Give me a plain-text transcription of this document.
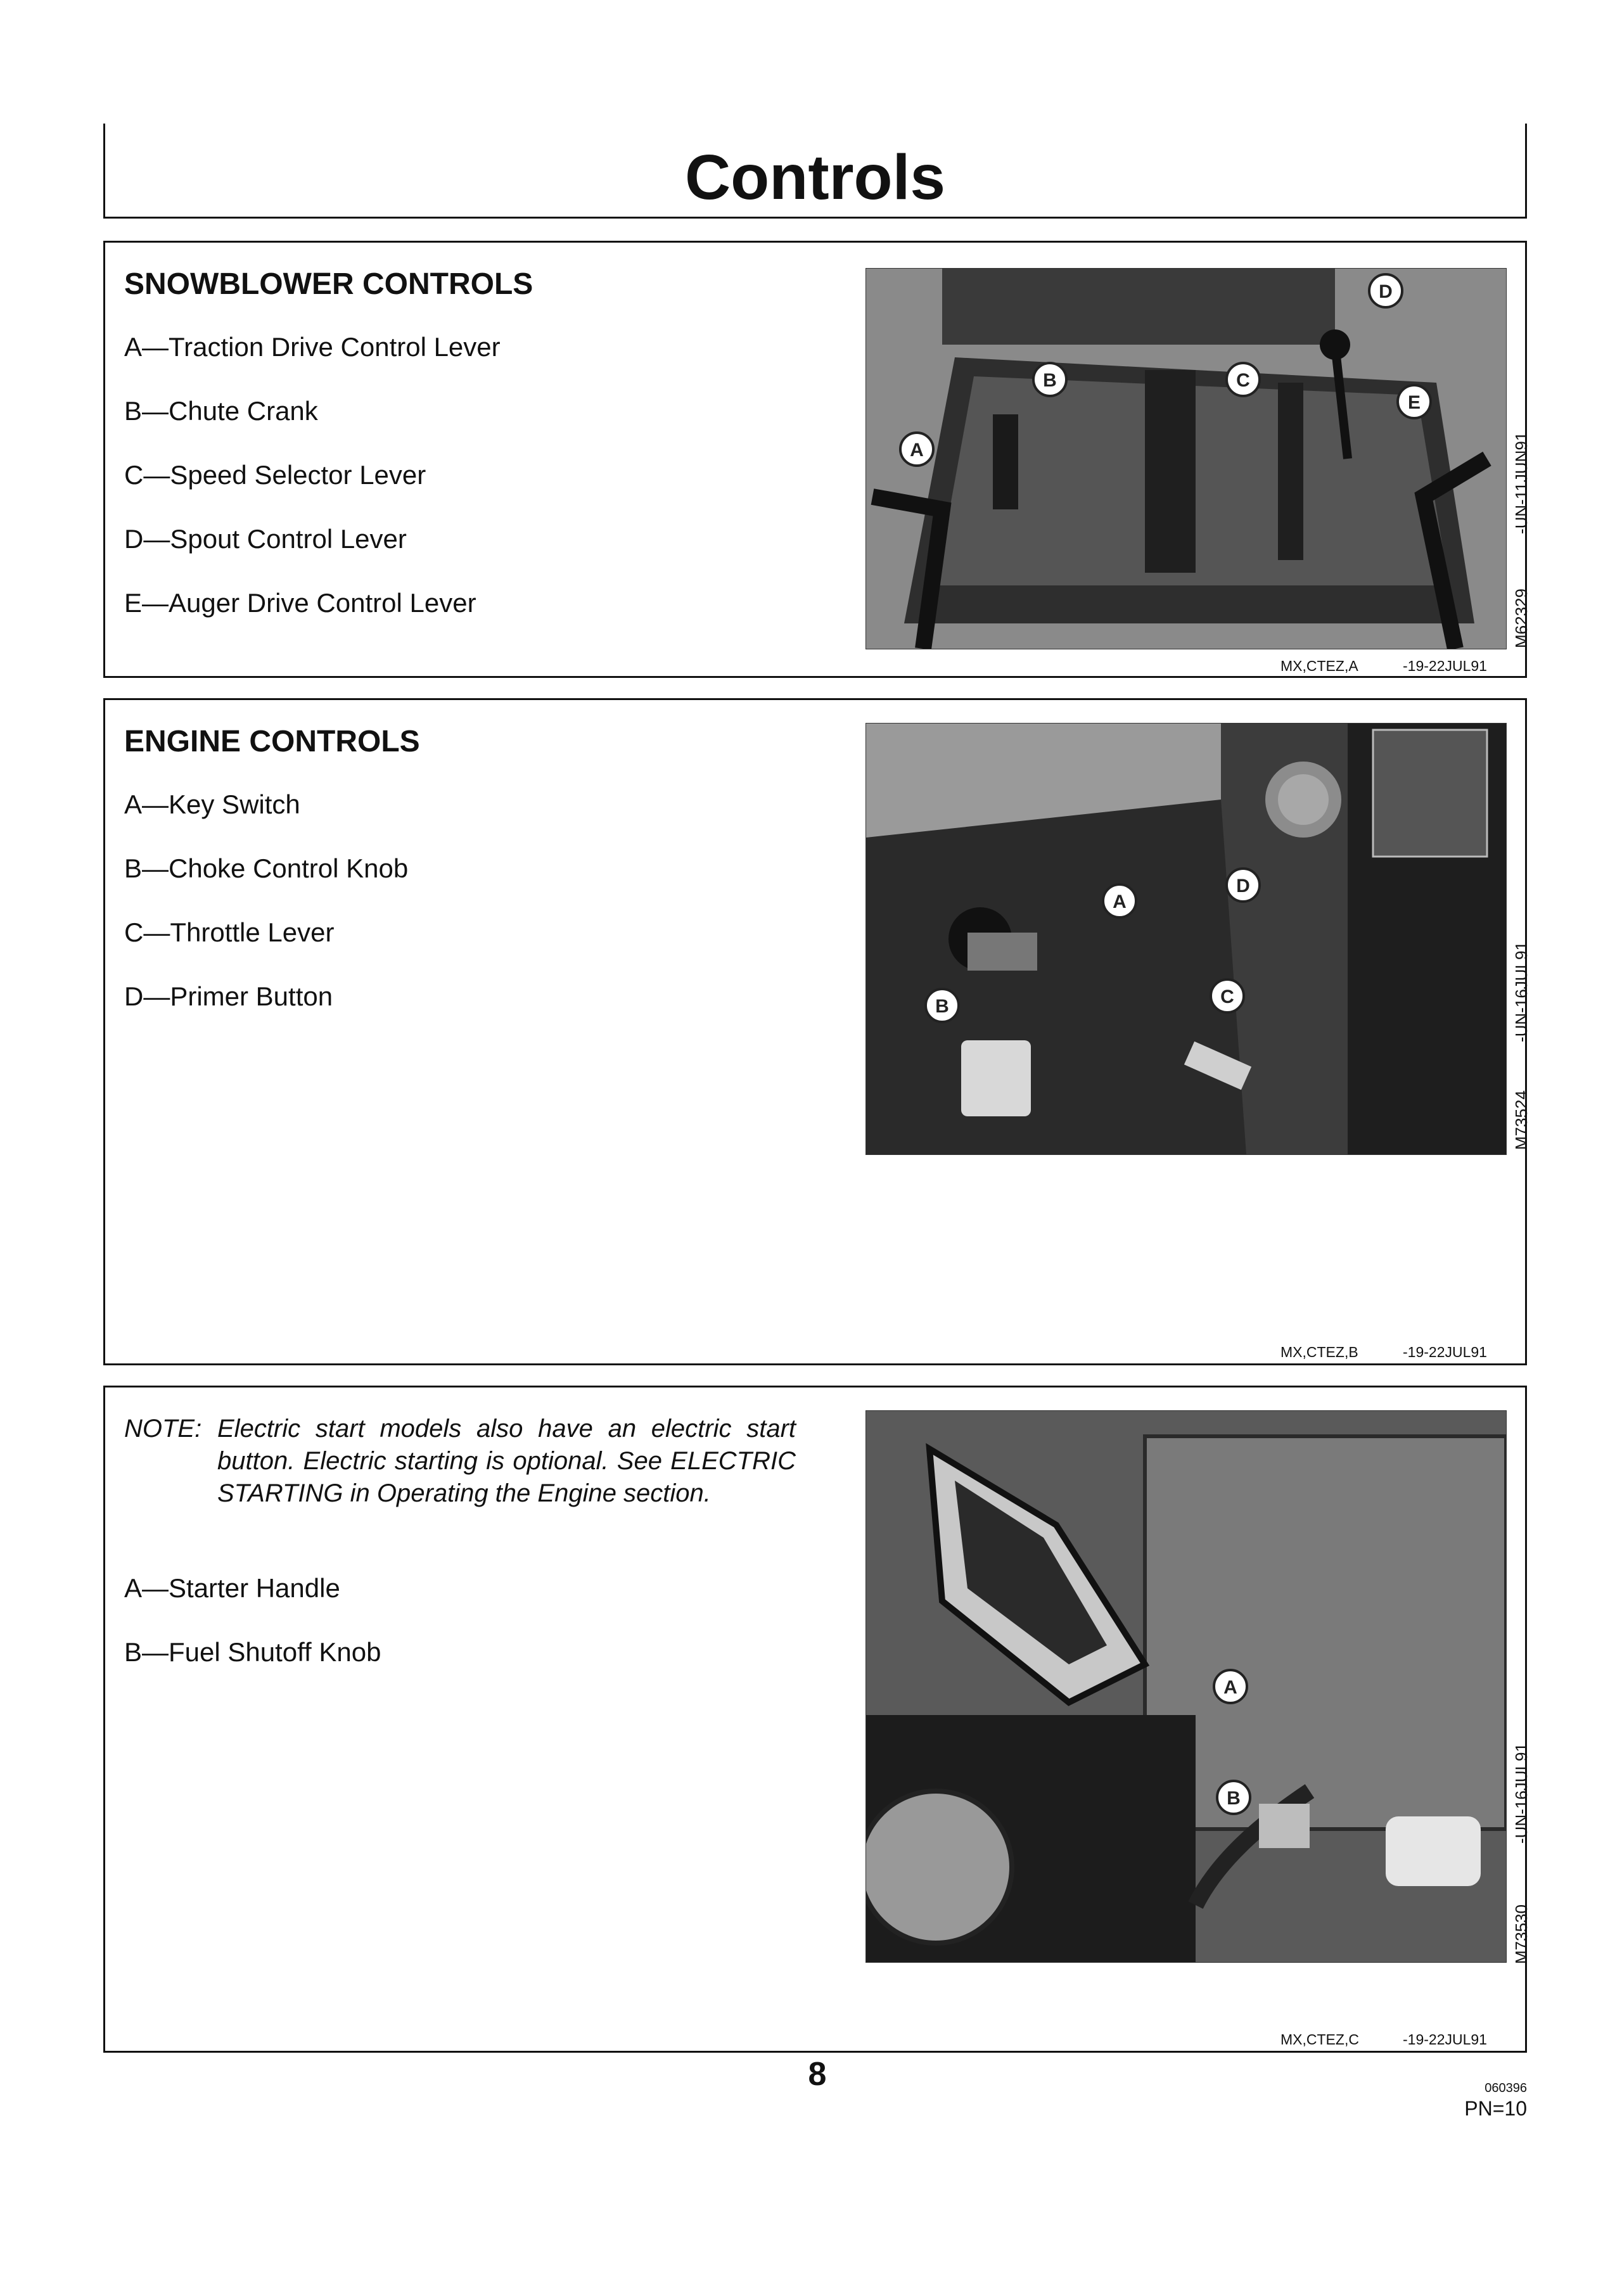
Controls
SNOWBLOWER CONTROLS
A—Traction Drive Control Lever
B—Chute Crank
C—Speed Selector Lever
D—Spout Control Lever
E—Auger Drive Control Lever
A
B	C
D
E
M62329
-UN-11JUN91
MX,CTEZ,A	-19-22JUL91
ENGINE CONTROLS
A—Key Switch
B—Choke Control Knob
C—Throttle Lever
D—Primer Button
A
B	C
D
M73524
-UN-16JUL91
MX,CTEZ,B	-19-22JUL91
NOTE: Electric start models also have an electric start button. Electric starting is optional. See ELECTRIC STARTING in Operating the Engine section.
A—Starter Handle
B—Fuel Shutoff Knob
A
B
M73530
-UN-16JUL91
MX,CTEZ,C	-19-22JUL91

8	060396
PN=10
